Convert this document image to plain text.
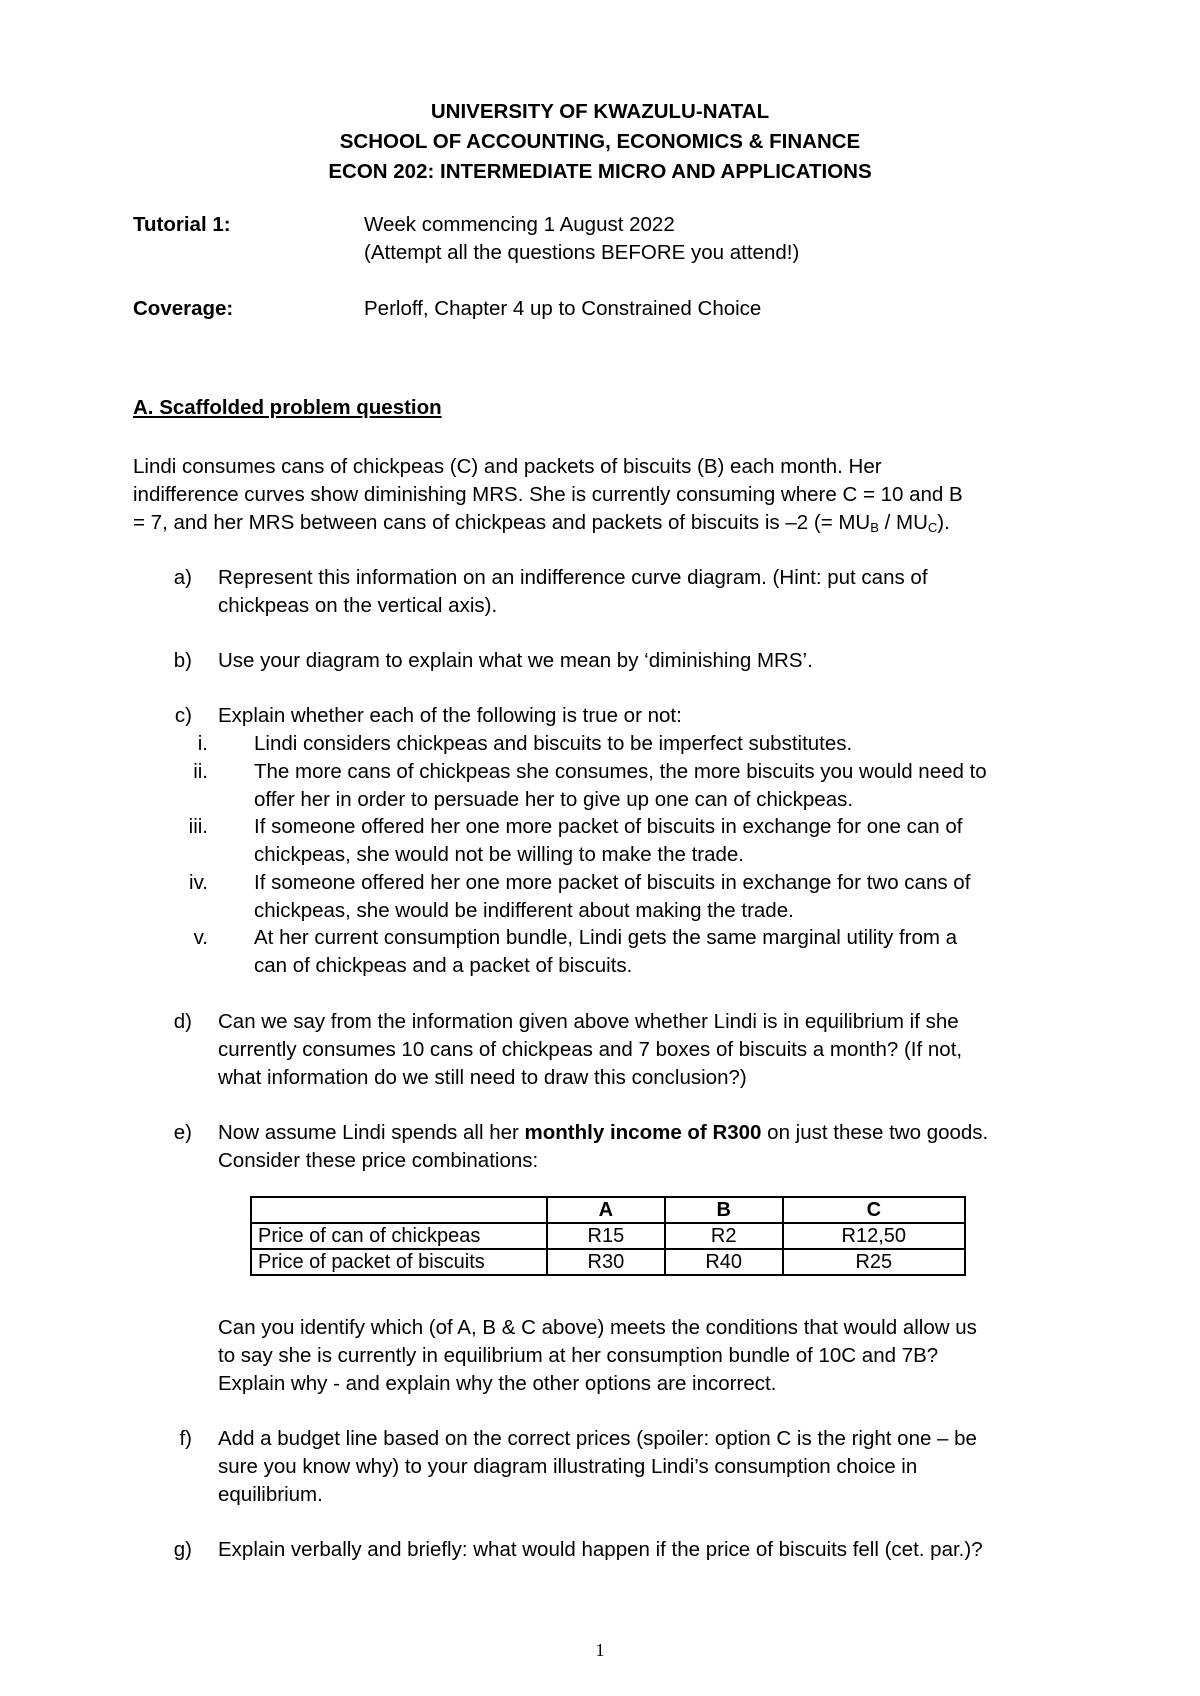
UNIVERSITY OF KWAZULU-NATAL
SCHOOL OF ACCOUNTING, ECONOMICS & FINANCE
ECON 202: INTERMEDIATE MICRO AND APPLICATIONS
Tutorial 1:	Week commencing 1 August 2022
(Attempt all the questions BEFORE you attend!)
Coverage:	Perloff, Chapter 4 up to Constrained Choice
A. Scaffolded problem question
Lindi consumes cans of chickpeas (C) and packets of biscuits (B) each month. Her
indifference curves show diminishing MRS. She is currently consuming where C = 10 and B
= 7, and her MRS between cans of chickpeas and packets of biscuits is –2 (= $MU_B / MU_C$).
a) Represent this information on an indifference curve diagram. (Hint: put cans of
chickpeas on the vertical axis).
b) Use your diagram to explain what we mean by ‘diminishing MRS’.
c) Explain whether each of the following is true or not:
i. Lindi considers chickpeas and biscuits to be imperfect substitutes.
ii. The more cans of chickpeas she consumes, the more biscuits you would need to
offer her in order to persuade her to give up one can of chickpeas.
iii. If someone offered her one more packet of biscuits in exchange for one can of
chickpeas, she would not be willing to make the trade.
iv. If someone offered her one more packet of biscuits in exchange for two cans of
chickpeas, she would be indifferent about making the trade.
v. At her current consumption bundle, Lindi gets the same marginal utility from a
can of chickpeas and a packet of biscuits.
d) Can we say from the information given above whether Lindi is in equilibrium if she
currently consumes 10 cans of chickpeas and 7 boxes of biscuits a month? (If not,
what information do we still need to draw this conclusion?)
e) Now assume Lindi spends all her monthly income of R300 on just these two goods.
Consider these price combinations:
	A	B	C
Price of can of chickpeas	R15	R2	R12,50
Price of packet of biscuits	R30	R40	R25
Can you identify which (of A, B & C above) meets the conditions that would allow us
to say she is currently in equilibrium at her consumption bundle of 10C and 7B?
Explain why - and explain why the other options are incorrect.
f) Add a budget line based on the correct prices (spoiler: option C is the right one – be
sure you know why) to your diagram illustrating Lindi’s consumption choice in
equilibrium.
g) Explain verbally and briefly: what would happen if the price of biscuits fell (cet. par.)?
1
